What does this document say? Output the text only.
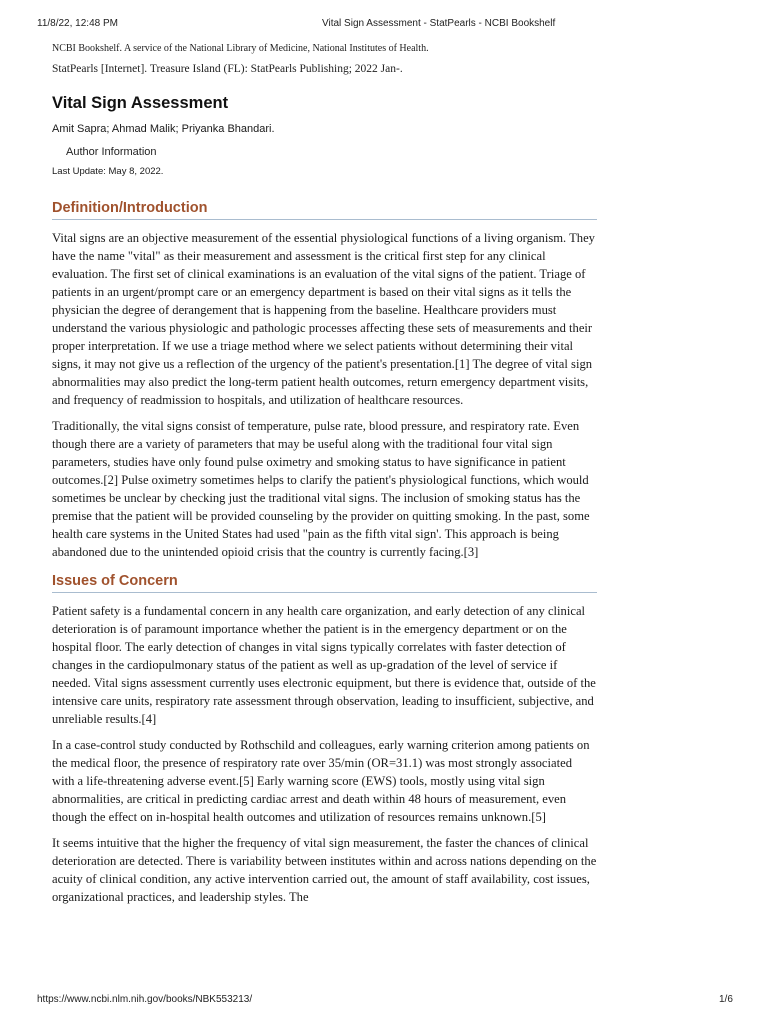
11/8/22, 12:48 PM	Vital Sign Assessment - StatPearls - NCBI Bookshelf
NCBI Bookshelf. A service of the National Library of Medicine, National Institutes of Health.
StatPearls [Internet]. Treasure Island (FL): StatPearls Publishing; 2022 Jan-.
Vital Sign Assessment
Amit Sapra; Ahmad Malik; Priyanka Bhandari.
Author Information
Last Update: May 8, 2022.
Definition/Introduction

Vital signs are an objective measurement of the essential physiological functions of a living organism. They have the name "vital" as their measurement and assessment is the critical first step for any clinical evaluation. The first set of clinical examinations is an evaluation of the vital signs of the patient. Triage of patients in an urgent/prompt care or an emergency department is based on their vital signs as it tells the physician the degree of derangement that is happening from the baseline. Healthcare providers must understand the various physiologic and pathologic processes affecting these sets of measurements and their proper interpretation. If we use a triage method where we select patients without determining their vital signs, it may not give us a reflection of the urgency of the patient's presentation.[1] The degree of vital sign abnormalities may also predict the long-term patient health outcomes, return emergency department visits, and frequency of readmission to hospitals, and utilization of healthcare resources.

Traditionally, the vital signs consist of temperature, pulse rate, blood pressure, and respiratory rate. Even though there are a variety of parameters that may be useful along with the traditional four vital sign parameters, studies have only found pulse oximetry and smoking status to have significance in patient outcomes.[2] Pulse oximetry sometimes helps to clarify the patient's physiological functions, which would sometimes be unclear by checking just the traditional vital signs. The inclusion of smoking status has the premise that the patient will be provided counseling by the provider on quitting smoking. In the past, some health care systems in the United States had used "pain as the fifth vital sign'. This approach is being abandoned due to the unintended opioid crisis that the country is currently facing.[3]

Issues of Concern

Patient safety is a fundamental concern in any health care organization, and early detection of any clinical deterioration is of paramount importance whether the patient is in the emergency department or on the hospital floor. The early detection of changes in vital signs typically correlates with faster detection of changes in the cardiopulmonary status of the patient as well as up-gradation of the level of service if needed. Vital signs assessment currently uses electronic equipment, but there is evidence that, outside of the intensive care units, respiratory rate assessment through observation, leading to insufficient, subjective, and unreliable results.[4]

In a case-control study conducted by Rothschild and colleagues, early warning criterion among patients on the medical floor, the presence of respiratory rate over 35/min (OR=31.1) was most strongly associated with a life-threatening adverse event.[5] Early warning score (EWS) tools, mostly using vital sign abnormalities, are critical in predicting cardiac arrest and death within 48 hours of measurement, even though the effect on in-hospital health outcomes and utilization of resources remains unknown.[5]

It seems intuitive that the higher the frequency of vital sign measurement, the faster the chances of clinical deterioration are detected. There is variability between institutes within and across nations depending on the acuity of clinical condition, any active intervention carried out, the amount of staff availability, cost issues, organizational practices, and leadership styles. The

https://www.ncbi.nlm.nih.gov/books/NBK553213/	1/6
